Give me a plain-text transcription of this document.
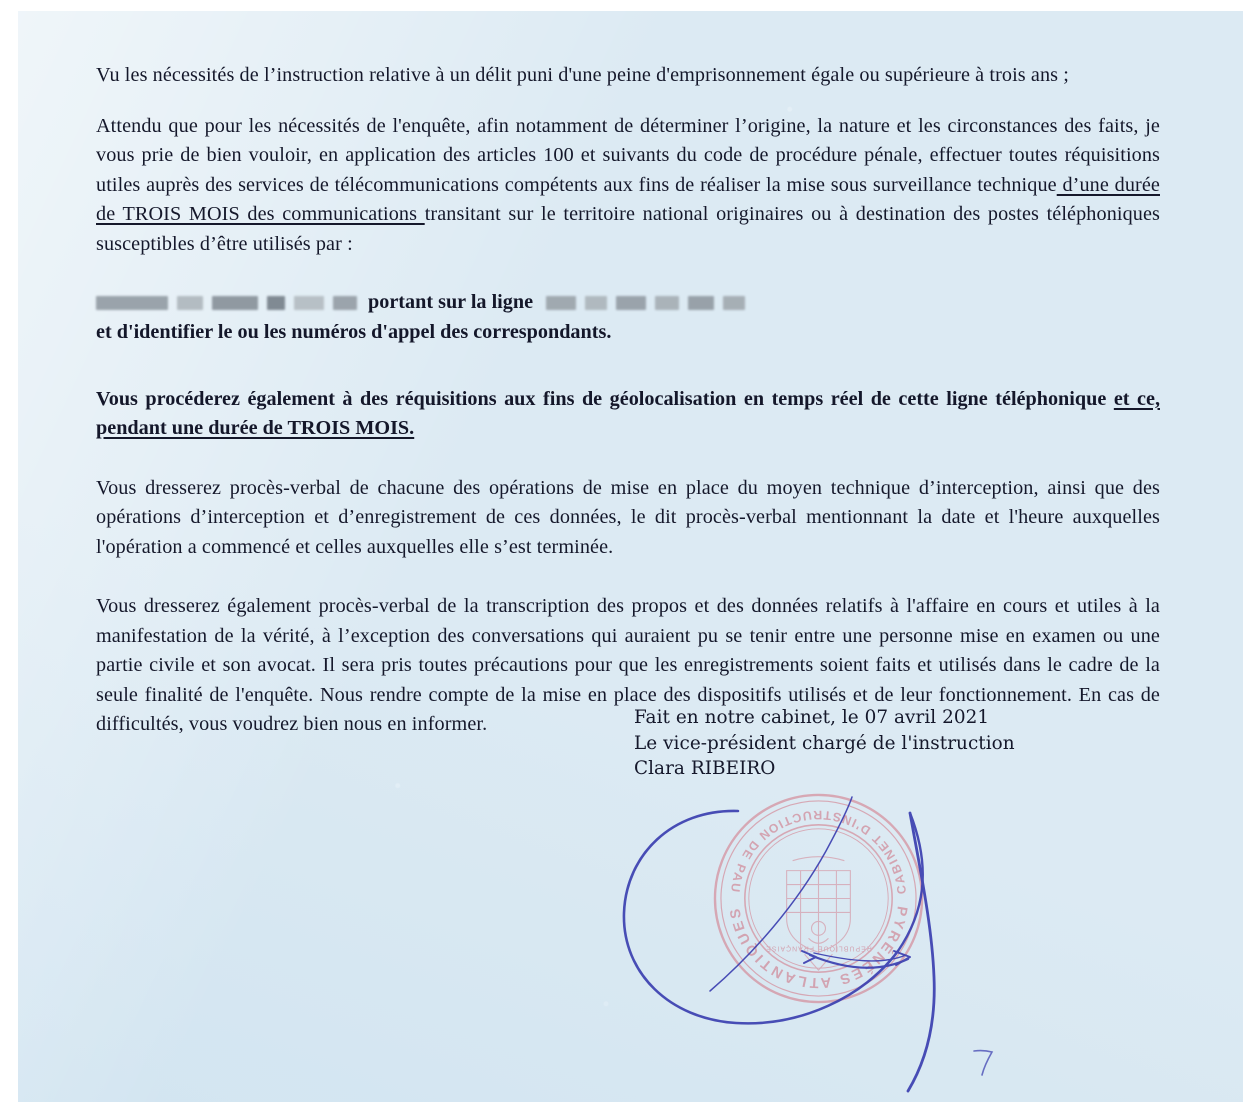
Vu les nécessités de l’instruction relative à un délit puni d'une peine d'emprisonnement égale ou supérieure à trois ans ;

Attendu que pour les nécessités de l'enquête, afin notamment de déterminer l’origine, la nature et les circonstances des faits, je vous prie de bien vouloir, en application des articles 100 et suivants du code de procédure pénale, effectuer toutes réquisitions utiles auprès des services de télécommunications compétents aux fins de réaliser la mise sous surveillance technique d’une durée de TROIS MOIS des communications transitant sur le territoire national originaires ou à destination des postes téléphoniques susceptibles d’être utilisés par :

portant sur la ligne

et d'identifier le ou les numéros d'appel des correspondants.

Vous procéderez également à des réquisitions aux fins de géolocalisation en temps réel de cette ligne téléphonique et ce, pendant une durée de TROIS MOIS.

Vous dresserez procès-verbal de chacune des opérations de mise en place du moyen technique d’interception, ainsi que des opérations d’interception et d’enregistrement de ces données, le dit procès-verbal mentionnant la date et l'heure auxquelles l'opération a commencé et celles auxquelles elle s’est terminée.

Vous dresserez également procès-verbal de la transcription des propos et des données relatifs à l'affaire en cours et utiles à la manifestation de la vérité, à l’exception des conversations qui auraient pu se tenir entre une personne mise en examen ou une partie civile et son avocat. Il sera pris toutes précautions pour que les enregistrements soient faits et utilisés dans le cadre de la seule finalité de l'enquête. Nous rendre compte de la mise en place des dispositifs utilisés et de leur fonctionnement. En cas de difficultés, vous voudrez bien nous en informer.	Fait en notre cabinet, le 07 avril 2021
Le vice-président chargé de l'instruction
Clara RIBEIRO
PYRÉNÉES ATLANTIQUES
CABINET D'INSTRUCTION DE PAU
RÉPUBLIQUE FRANÇAISE
